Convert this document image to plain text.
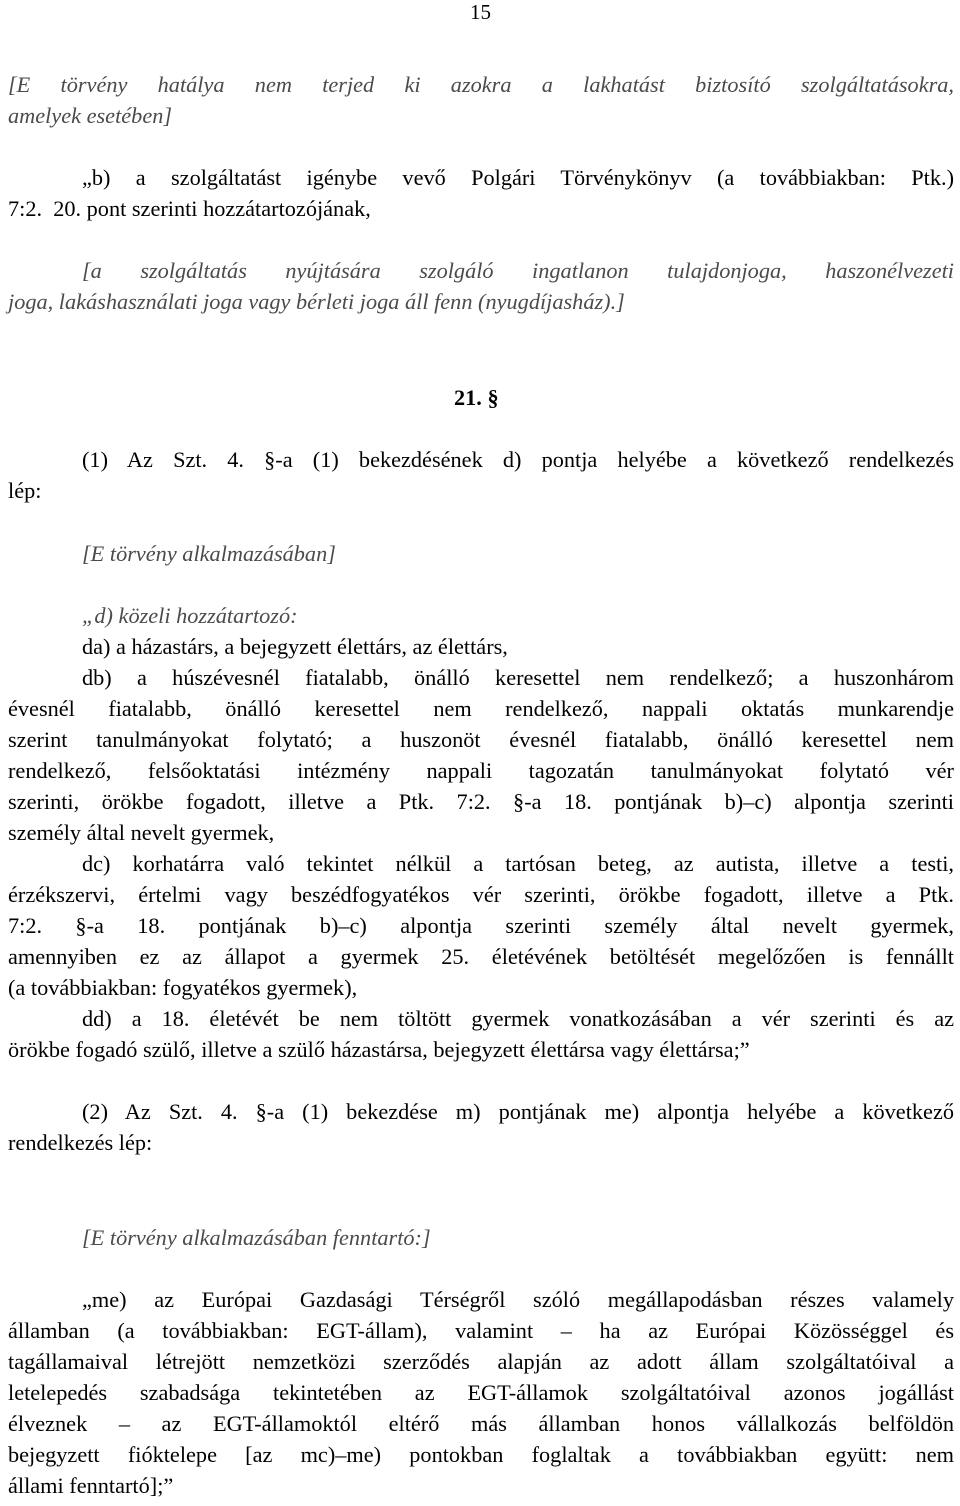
15

[E törvény hatálya nem terjed ki azokra a lakhatást biztosító szolgáltatásokra,

amelyek esetében]

„b) a szolgáltatást igénybe vevő Polgári Törvénykönyv (a továbbiakban: Ptk.)

7:2.  20. pont szerinti hozzátartozójának,

[a szolgáltatás nyújtására szolgáló ingatlanon tulajdonjoga, haszonélvezeti

joga, lakáshasználati joga vagy bérleti joga áll fenn (nyugdíjasház).]

21. §

(1) Az Szt. 4. §-a (1) bekezdésének d) pontja helyébe a következő rendelkezés

lép:

[E törvény alkalmazásában]

„d) közeli hozzátartozó:

da) a házastárs, a bejegyzett élettárs, az élettárs,

db) a húszévesnél fiatalabb, önálló keresettel nem rendelkező; a huszonhárom

évesnél fiatalabb, önálló keresettel nem rendelkező, nappali oktatás munkarendje

szerint tanulmányokat folytató; a huszonöt évesnél fiatalabb, önálló keresettel nem

rendelkező, felsőoktatási intézmény nappali tagozatán tanulmányokat folytató vér

szerinti, örökbe fogadott, illetve a Ptk. 7:2. §-a 18. pontjának b)–c) alpontja szerinti

személy által nevelt gyermek,

dc) korhatárra való tekintet nélkül a tartósan beteg, az autista, illetve a testi,

érzékszervi, értelmi vagy beszédfogyatékos vér szerinti, örökbe fogadott, illetve a Ptk.

7:2. §-a 18. pontjának b)–c) alpontja szerinti személy által nevelt gyermek,

amennyiben ez az állapot a gyermek 25. életévének betöltését megelőzően is fennállt

(a továbbiakban: fogyatékos gyermek),

dd) a 18. életévét be nem töltött gyermek vonatkozásában a vér szerinti és az

örökbe fogadó szülő, illetve a szülő házastársa, bejegyzett élettársa vagy élettársa;”

(2) Az Szt. 4. §-a (1) bekezdése m) pontjának me) alpontja helyébe a következő

rendelkezés lép:

[E törvény alkalmazásában fenntartó:]

„me) az Európai Gazdasági Térségről szóló megállapodásban részes valamely

államban (a továbbiakban: EGT-állam), valamint – ha az Európai Közösséggel és

tagállamaival létrejött nemzetközi szerződés alapján az adott állam szolgáltatóival a

letelepedés szabadsága tekintetében az EGT-államok szolgáltatóival azonos jogállást

élveznek – az EGT-államoktól eltérő más államban honos vállalkozás belföldön

bejegyzett fióktelepe [az mc)–me) pontokban foglaltak a továbbiakban együtt: nem

állami fenntartó];”
